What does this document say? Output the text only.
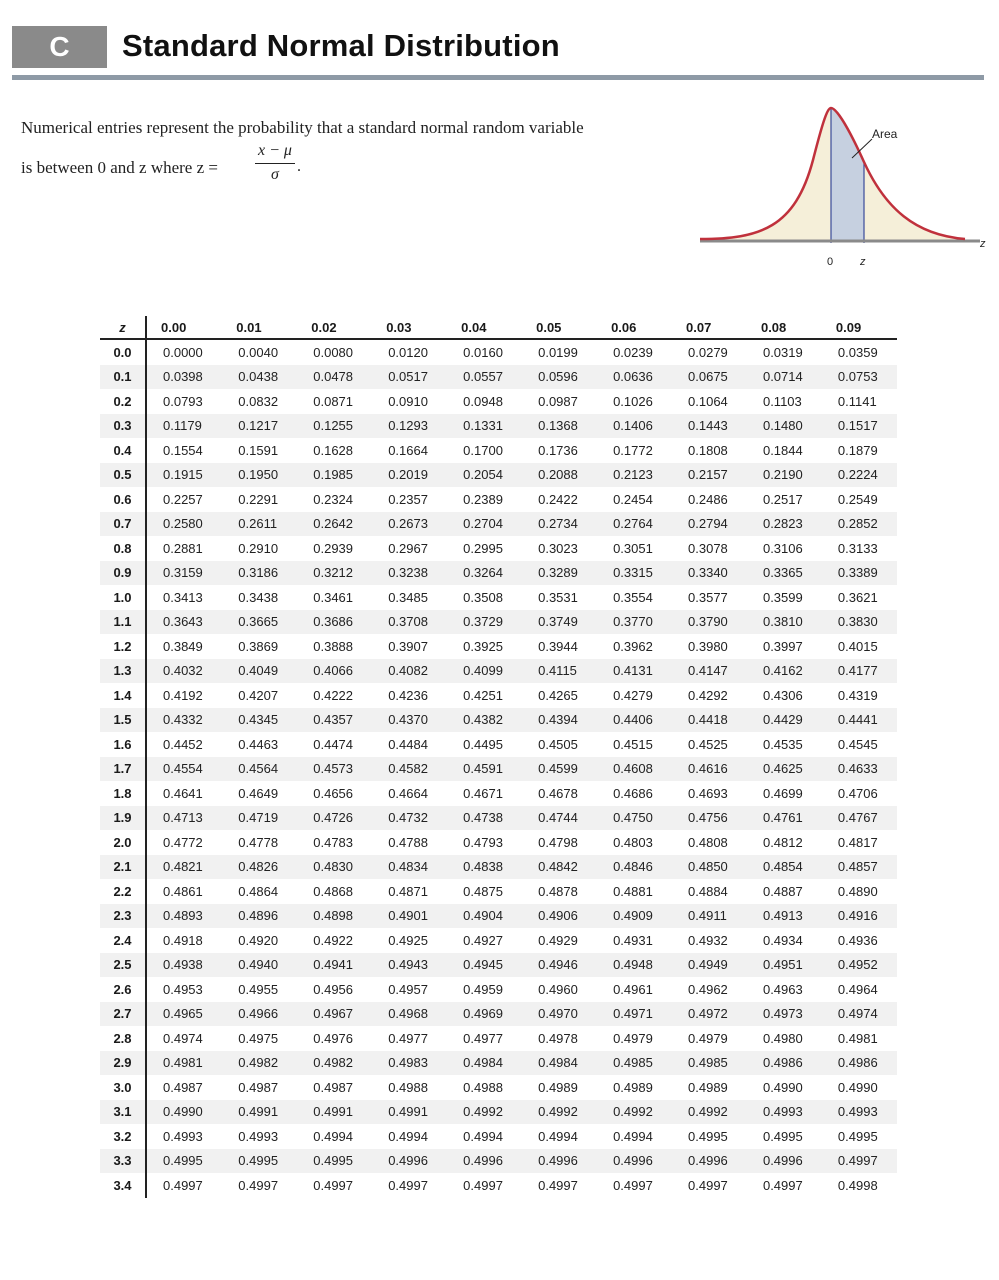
C	Standard Normal Distribution
Numerical entries represent the probability that a standard normal random variable
is between 0 and z where z =
x − μ
σ	.
Area
0 z
z
z	0.00	0.01	0.02	0.03	0.04	0.05	0.06	0.07	0.08	0.09
0.0	0.0000	0.0040	0.0080	0.0120	0.0160	0.0199	0.0239	0.0279	0.0319	0.0359
0.1	0.0398	0.0438	0.0478	0.0517	0.0557	0.0596	0.0636	0.0675	0.0714	0.0753
0.2	0.0793	0.0832	0.0871	0.0910	0.0948	0.0987	0.1026	0.1064	0.1103	0.1141
0.3	0.1179	0.1217	0.1255	0.1293	0.1331	0.1368	0.1406	0.1443	0.1480	0.1517
0.4	0.1554	0.1591	0.1628	0.1664	0.1700	0.1736	0.1772	0.1808	0.1844	0.1879
0.5	0.1915	0.1950	0.1985	0.2019	0.2054	0.2088	0.2123	0.2157	0.2190	0.2224
0.6	0.2257	0.2291	0.2324	0.2357	0.2389	0.2422	0.2454	0.2486	0.2517	0.2549
0.7	0.2580	0.2611	0.2642	0.2673	0.2704	0.2734	0.2764	0.2794	0.2823	0.2852
0.8	0.2881	0.2910	0.2939	0.2967	0.2995	0.3023	0.3051	0.3078	0.3106	0.3133
0.9	0.3159	0.3186	0.3212	0.3238	0.3264	0.3289	0.3315	0.3340	0.3365	0.3389
1.0	0.3413	0.3438	0.3461	0.3485	0.3508	0.3531	0.3554	0.3577	0.3599	0.3621
1.1	0.3643	0.3665	0.3686	0.3708	0.3729	0.3749	0.3770	0.3790	0.3810	0.3830
1.2	0.3849	0.3869	0.3888	0.3907	0.3925	0.3944	0.3962	0.3980	0.3997	0.4015
1.3	0.4032	0.4049	0.4066	0.4082	0.4099	0.4115	0.4131	0.4147	0.4162	0.4177
1.4	0.4192	0.4207	0.4222	0.4236	0.4251	0.4265	0.4279	0.4292	0.4306	0.4319
1.5	0.4332	0.4345	0.4357	0.4370	0.4382	0.4394	0.4406	0.4418	0.4429	0.4441
1.6	0.4452	0.4463	0.4474	0.4484	0.4495	0.4505	0.4515	0.4525	0.4535	0.4545
1.7	0.4554	0.4564	0.4573	0.4582	0.4591	0.4599	0.4608	0.4616	0.4625	0.4633
1.8	0.4641	0.4649	0.4656	0.4664	0.4671	0.4678	0.4686	0.4693	0.4699	0.4706
1.9	0.4713	0.4719	0.4726	0.4732	0.4738	0.4744	0.4750	0.4756	0.4761	0.4767
2.0	0.4772	0.4778	0.4783	0.4788	0.4793	0.4798	0.4803	0.4808	0.4812	0.4817
2.1	0.4821	0.4826	0.4830	0.4834	0.4838	0.4842	0.4846	0.4850	0.4854	0.4857
2.2	0.4861	0.4864	0.4868	0.4871	0.4875	0.4878	0.4881	0.4884	0.4887	0.4890
2.3	0.4893	0.4896	0.4898	0.4901	0.4904	0.4906	0.4909	0.4911	0.4913	0.4916
2.4	0.4918	0.4920	0.4922	0.4925	0.4927	0.4929	0.4931	0.4932	0.4934	0.4936
2.5	0.4938	0.4940	0.4941	0.4943	0.4945	0.4946	0.4948	0.4949	0.4951	0.4952
2.6	0.4953	0.4955	0.4956	0.4957	0.4959	0.4960	0.4961	0.4962	0.4963	0.4964
2.7	0.4965	0.4966	0.4967	0.4968	0.4969	0.4970	0.4971	0.4972	0.4973	0.4974
2.8	0.4974	0.4975	0.4976	0.4977	0.4977	0.4978	0.4979	0.4979	0.4980	0.4981
2.9	0.4981	0.4982	0.4982	0.4983	0.4984	0.4984	0.4985	0.4985	0.4986	0.4986
3.0	0.4987	0.4987	0.4987	0.4988	0.4988	0.4989	0.4989	0.4989	0.4990	0.4990
3.1	0.4990	0.4991	0.4991	0.4991	0.4992	0.4992	0.4992	0.4992	0.4993	0.4993
3.2	0.4993	0.4993	0.4994	0.4994	0.4994	0.4994	0.4994	0.4995	0.4995	0.4995
3.3	0.4995	0.4995	0.4995	0.4996	0.4996	0.4996	0.4996	0.4996	0.4996	0.4997
3.4	0.4997	0.4997	0.4997	0.4997	0.4997	0.4997	0.4997	0.4997	0.4997	0.4998
